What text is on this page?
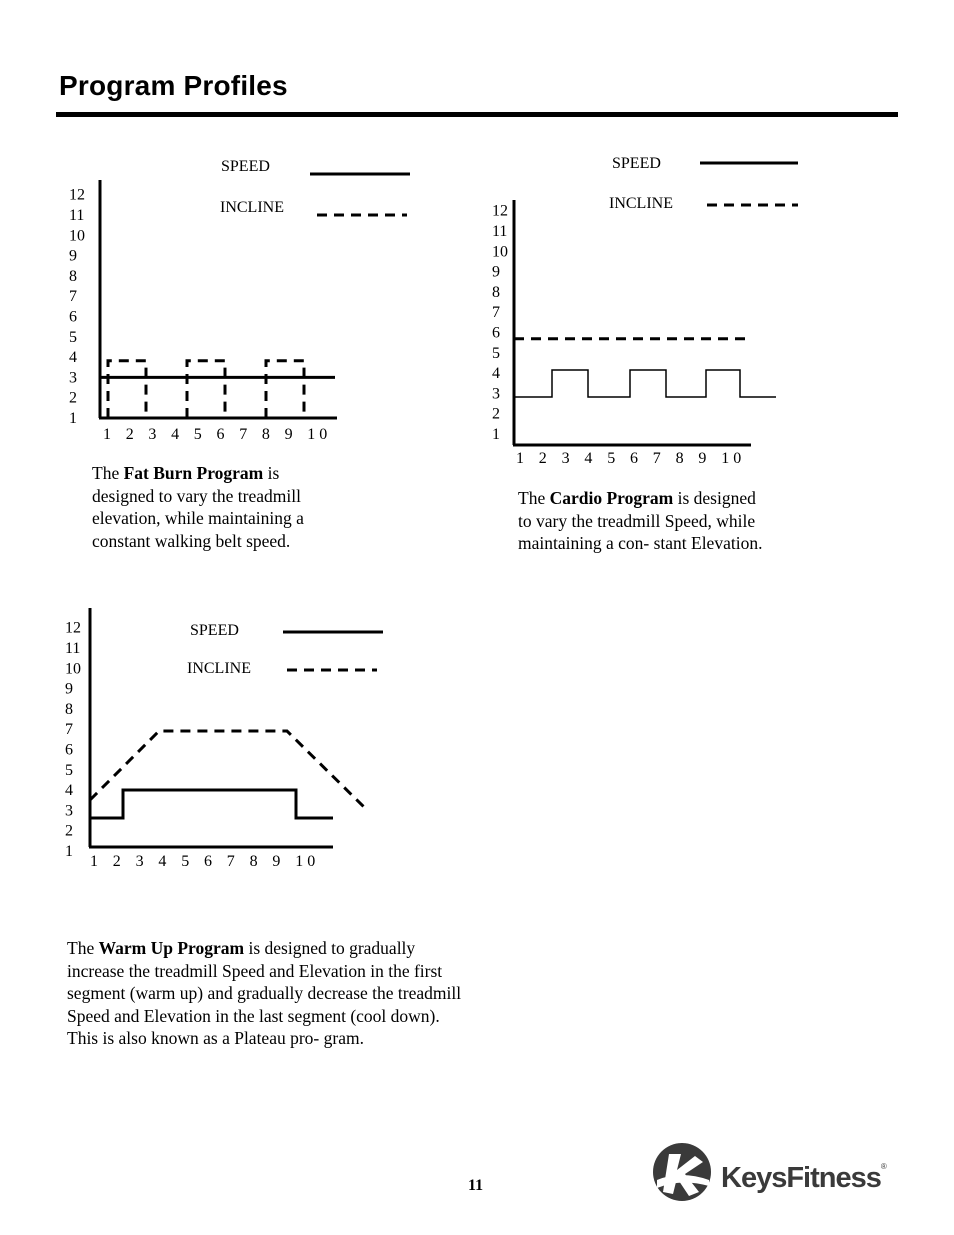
Program Profiles
12
11
10
9
8
7
6
5
4
3
2
1
1 2 3 4 5 6 7 8 9 1 0
SPEED
INCLINE	12
11
10
9
8
7
6
5
4
3
2
1
1 2 3 4 5 6 7 8 9 1 0
SPEED
INCLINE
12
11
10
9
8
7
6
5
4
3
2
1
1 2 3 4 5 6 7 8 9 1 0
SPEED
INCLINE
The Fat Burn Program is designed to vary the treadmill elevation, while maintaining a constant walking belt speed.
The Cardio Program is designed to vary the treadmill Speed, while maintaining a con- stant Elevation.
The Warm Up Program is designed to gradually increase the treadmill Speed and Elevation in the first segment (warm up) and gradually decrease the treadmill Speed and Elevation in the last segment (cool down). This is also known as a Plateau pro- gram.
11	KeysFitness®
